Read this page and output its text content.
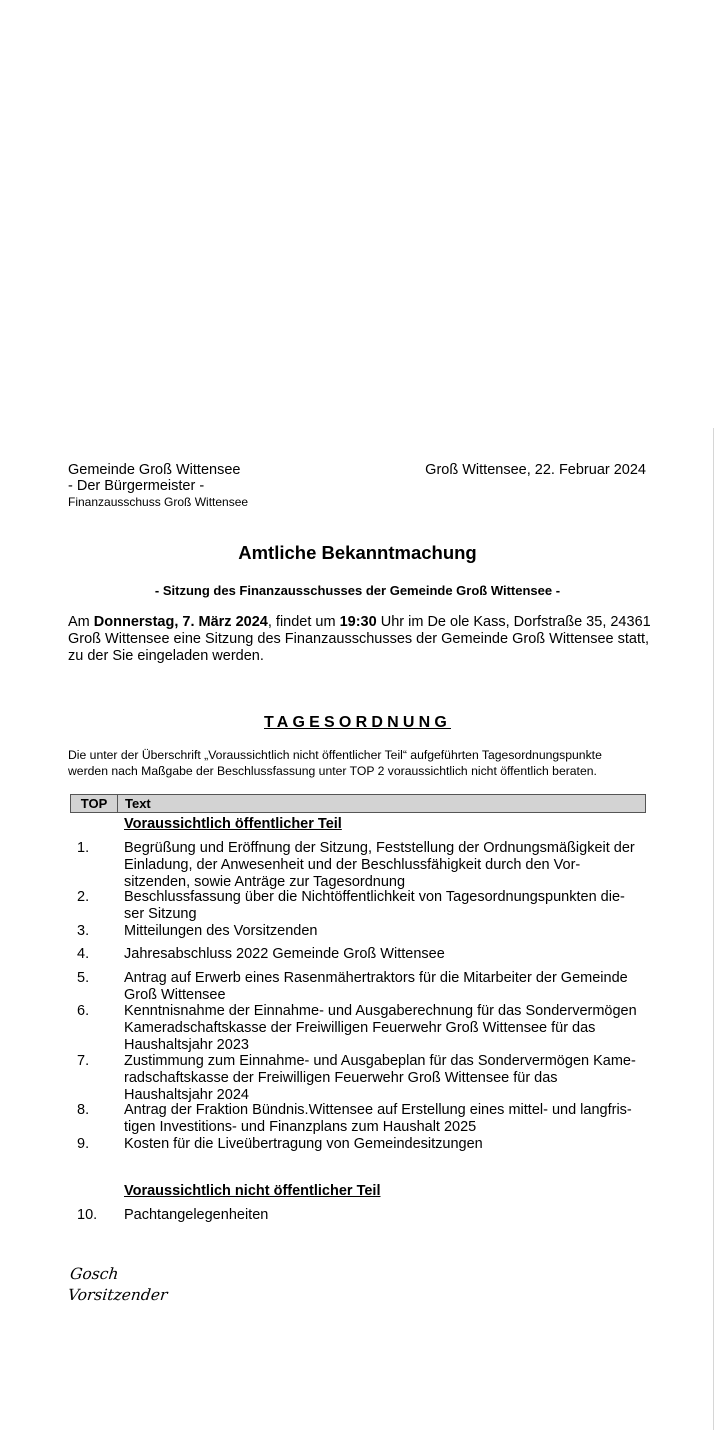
Gemeinde Groß Wittensee
- Der Bürgermeister -
Finanzausschuss Groß Wittensee
Groß Wittensee, 22. Februar 2024
Amtliche Bekanntmachung
- Sitzung des Finanzausschusses der Gemeinde Groß Wittensee -
Am Donnerstag, 7. März 2024, findet um 19:30 Uhr im De ole Kass, Dorfstraße 35, 24361
Groß Wittensee eine Sitzung des Finanzausschusses der Gemeinde Groß Wittensee statt,
zu der Sie eingeladen werden.
TAGESORDNUNG
Die unter der Überschrift „Voraussichtlich nicht öffentlicher Teil“ aufgeführten Tagesordnungspunkte
werden nach Maßgabe der Beschlussfassung unter TOP 2 voraussichtlich nicht öffentlich beraten.
TOP	Text
Voraussichtlich öffentlicher Teil
1. Begrüßung und Eröffnung der Sitzung, Feststellung der Ordnungsmäßigkeit der
Einladung, der Anwesenheit und der Beschlussfähigkeit durch den Vor-
sitzenden, sowie Anträge zur Tagesordnung
2. Beschlussfassung über die Nichtöffentlichkeit von Tagesordnungspunkten die-
ser Sitzung
3. Mitteilungen des Vorsitzenden
4. Jahresabschluss 2022 Gemeinde Groß Wittensee
5. Antrag auf Erwerb eines Rasenmähertraktors für die Mitarbeiter der Gemeinde
Groß Wittensee
6. Kenntnisnahme der Einnahme- und Ausgaberechnung für das Sondervermögen
Kameradschaftskasse der Freiwilligen Feuerwehr Groß Wittensee für das
Haushaltsjahr 2023
7. Zustimmung zum Einnahme- und Ausgabeplan für das Sondervermögen Kame-
radschaftskasse der Freiwilligen Feuerwehr Groß Wittensee für das
Haushaltsjahr 2024
8. Antrag der Fraktion Bündnis.Wittensee auf Erstellung eines mittel- und langfris-
tigen Investitions- und Finanzplans zum Haushalt 2025
9. Kosten für die Liveübertragung von Gemeindesitzungen
Voraussichtlich nicht öffentlicher Teil
10. Pachtangelegenheiten
Gosch
Vorsitzender
